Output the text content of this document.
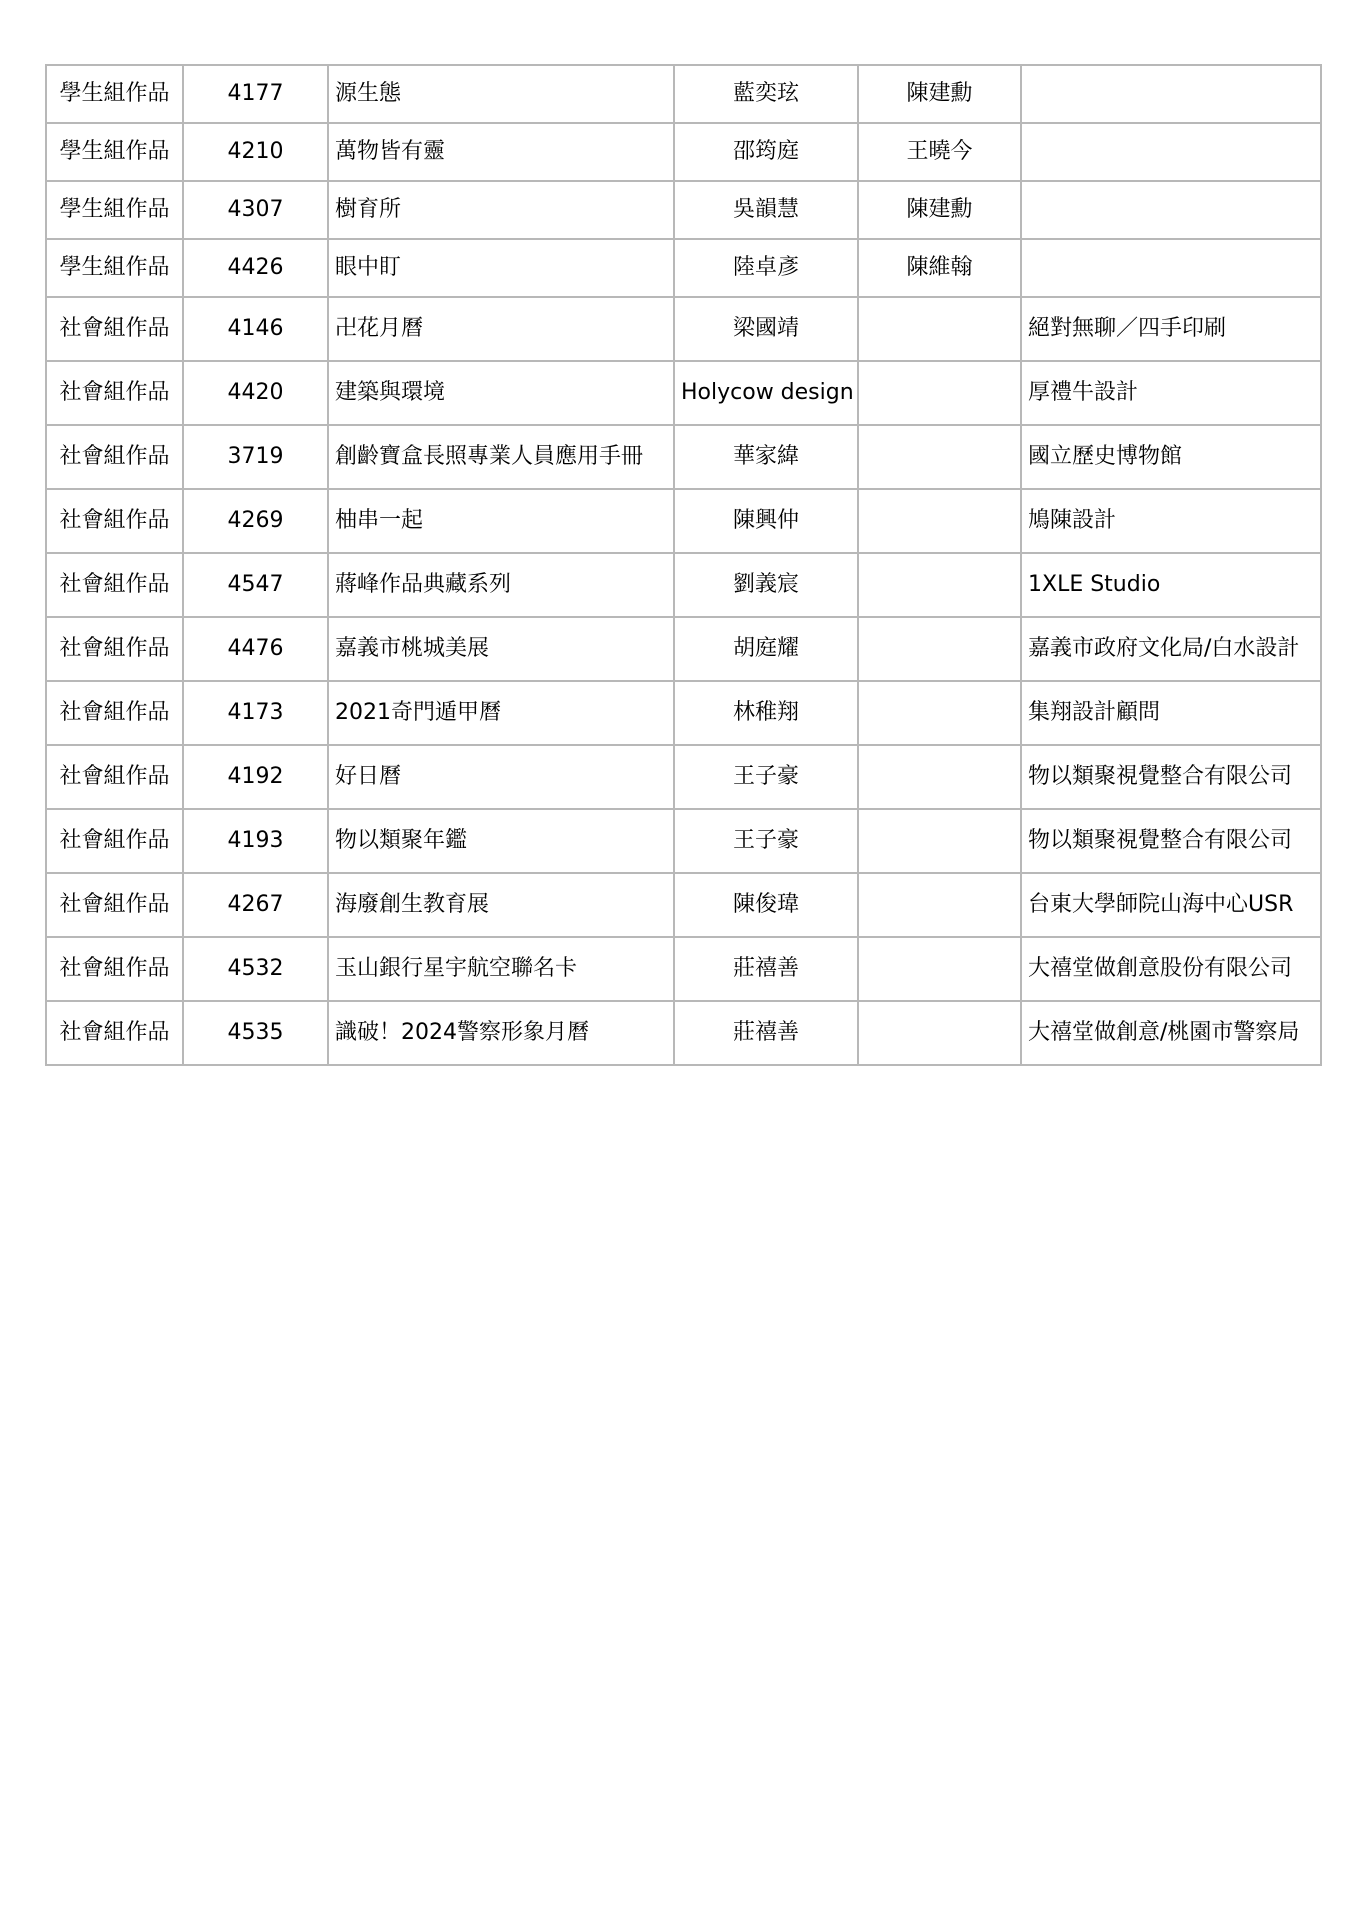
學生組作品	4177	源生態	藍奕玹	陳建勳	
學生組作品	4210	萬物皆有靈	邵筠庭	王曉今	
學生組作品	4307	樹育所	吳韻慧	陳建勳	
學生組作品	4426	眼中盯	陸卓彥	陳維翰	
社會組作品	4146	卍花月曆	梁國靖		絕對無聊／四手印刷
社會組作品	4420	建築與環境	Holycow design		厚禮牛設計
社會組作品	3719	創齡寶盒長照專業人員應用手冊	華家緯		國立歷史博物館
社會組作品	4269	柚串一起	陳興仲		鳩陳設計
社會組作品	4547	蔣峰作品典藏系列	劉義宸		1XLE Studio
社會組作品	4476	嘉義市桃城美展	胡庭耀		嘉義市政府文化局/白水設計
社會組作品	4173	2021奇門遁甲曆	林稚翔		集翔設計顧問
社會組作品	4192	好日曆	王子豪		物以類聚視覺整合有限公司
社會組作品	4193	物以類聚年鑑	王子豪		物以類聚視覺整合有限公司
社會組作品	4267	海廢創生教育展	陳俊瑋		台東大學師院山海中心USR
社會組作品	4532	玉山銀行星宇航空聯名卡	莊禧善		大禧堂做創意股份有限公司
社會組作品	4535	識破！2024警察形象月曆	莊禧善		大禧堂做創意/桃園市警察局
